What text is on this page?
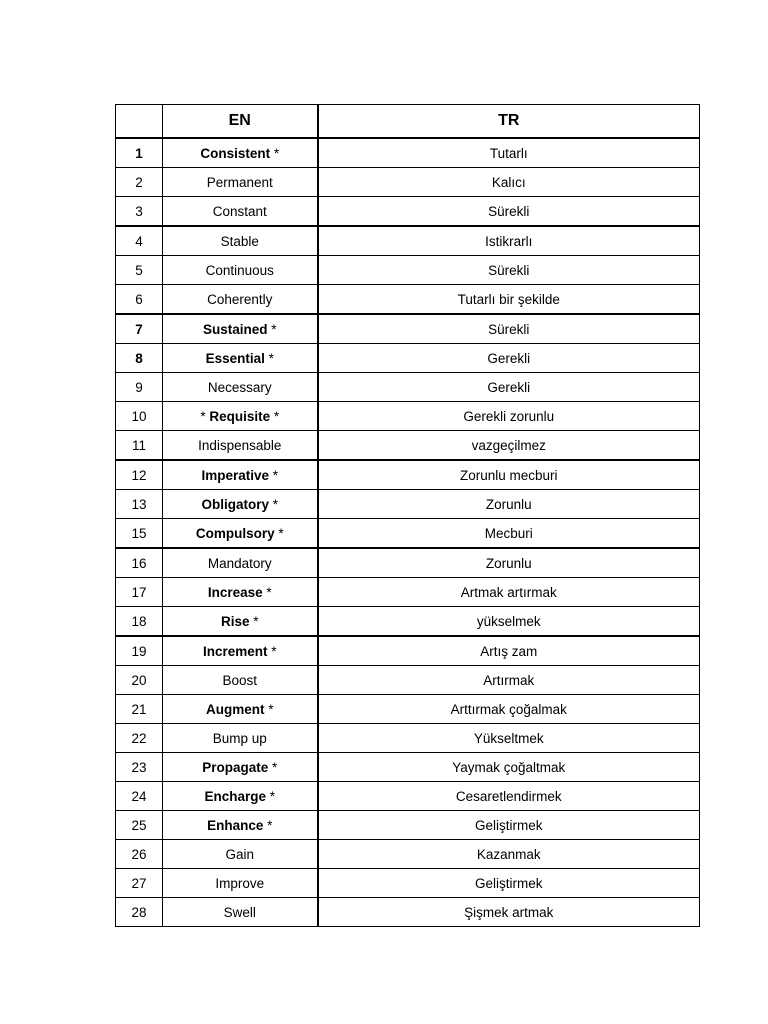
	EN	TR
1	Consistent *	Tutarlı
2	Permanent	Kalıcı
3	Constant	Sürekli
4	Stable	Istikrarlı
5	Continuous	Sürekli
6	Coherently	Tutarlı bir şekilde
7	Sustained *	Sürekli
8	Essential *	Gerekli
9	Necessary	Gerekli
10	* Requisite *	Gerekli zorunlu
11	Indispensable	vazgeçilmez
12	Imperative *	Zorunlu mecburi
13	Obligatory *	Zorunlu
15	Compulsory *	Mecburi
16	Mandatory	Zorunlu
17	Increase *	Artmak artırmak
18	Rise *	yükselmek
19	Increment *	Artış zam
20	Boost	Artırmak
21	Augment *	Arttırmak çoğalmak
22	Bump up	Yükseltmek
23	Propagate *	Yaymak çoğaltmak
24	Encharge *	Cesaretlendirmek
25	Enhance *	Geliştirmek
26	Gain	Kazanmak
27	Improve	Geliştirmek
28	Swell	Şişmek artmak
